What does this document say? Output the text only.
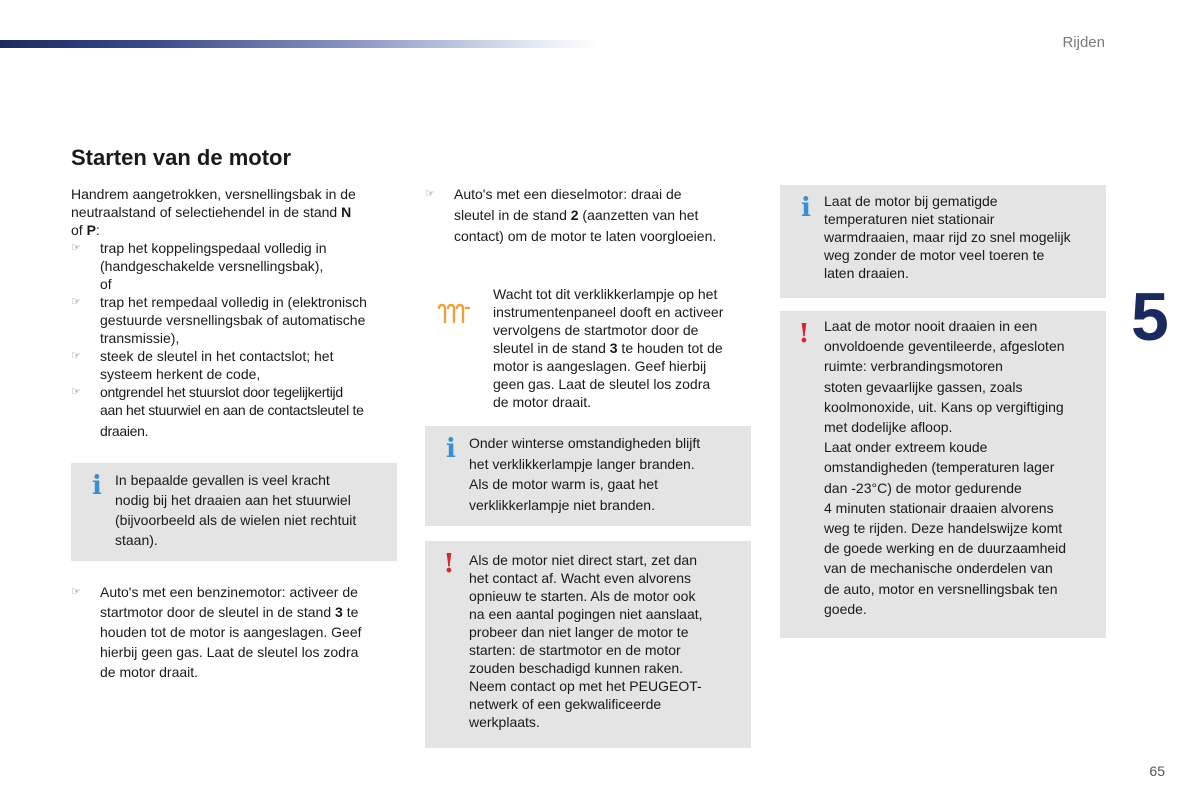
Rijden
Starten van de motor
5
65

Handrem aangetrokken, versnellingsbak in de

neutraalstand of selectiehendel in de stand N

of P:

☞ trap het koppelingspedaal volledig in

(handgeschakelde versnellingsbak),

of

☞ trap het rempedaal volledig in (elektronisch

gestuurde versnellingsbak of automatische

transmissie),

☞ steek de sleutel in het contactslot; het

systeem herkent de code,

☞ ontgrendel het stuurslot door tegelijkertijd

aan het stuurwiel en aan de contactsleutel te

draaien.

i In bepaalde gevallen is veel kracht

nodig bij het draaien aan het stuurwiel

(bijvoorbeeld als de wielen niet rechtuit

staan).

☞ Auto's met een benzinemotor: activeer de

startmotor door de sleutel in de stand 3 te

houden tot de motor is aangeslagen. Geef

hierbij geen gas. Laat de sleutel los zodra

de motor draait.

☞ Auto's met een dieselmotor: draai de

sleutel in de stand 2 (aanzetten van het

contact) om de motor te laten voorgloeien.

Wacht tot dit verklikkerlampje op het

instrumentenpaneel dooft en activeer

vervolgens de startmotor door de

sleutel in de stand 3 te houden tot de

motor is aangeslagen. Geef hierbij

geen gas. Laat de sleutel los zodra

de motor draait.

i Onder winterse omstandigheden blijft

het verklikkerlampje langer branden.

Als de motor warm is, gaat het

verklikkerlampje niet branden.

! Als de motor niet direct start, zet dan

het contact af. Wacht even alvorens

opnieuw te starten. Als de motor ook

na een aantal pogingen niet aanslaat,

probeer dan niet langer de motor te

starten: de startmotor en de motor

zouden beschadigd kunnen raken.

Neem contact op met het PEUGEOT-

netwerk of een gekwalificeerde

werkplaats.

i Laat de motor bij gematigde

temperaturen niet stationair

warmdraaien, maar rijd zo snel mogelijk

weg zonder de motor veel toeren te

laten draaien.

! Laat de motor nooit draaien in een

onvoldoende geventileerde, afgesloten

ruimte: verbrandingsmotoren

stoten gevaarlijke gassen, zoals

koolmonoxide, uit. Kans op vergiftiging

met dodelijke afloop.

Laat onder extreem koude

omstandigheden (temperaturen lager

dan -23°C) de motor gedurende

4 minuten stationair draaien alvorens

weg te rijden. Deze handelswijze komt

de goede werking en de duurzaamheid

van de mechanische onderdelen van

de auto, motor en versnellingsbak ten

goede.
